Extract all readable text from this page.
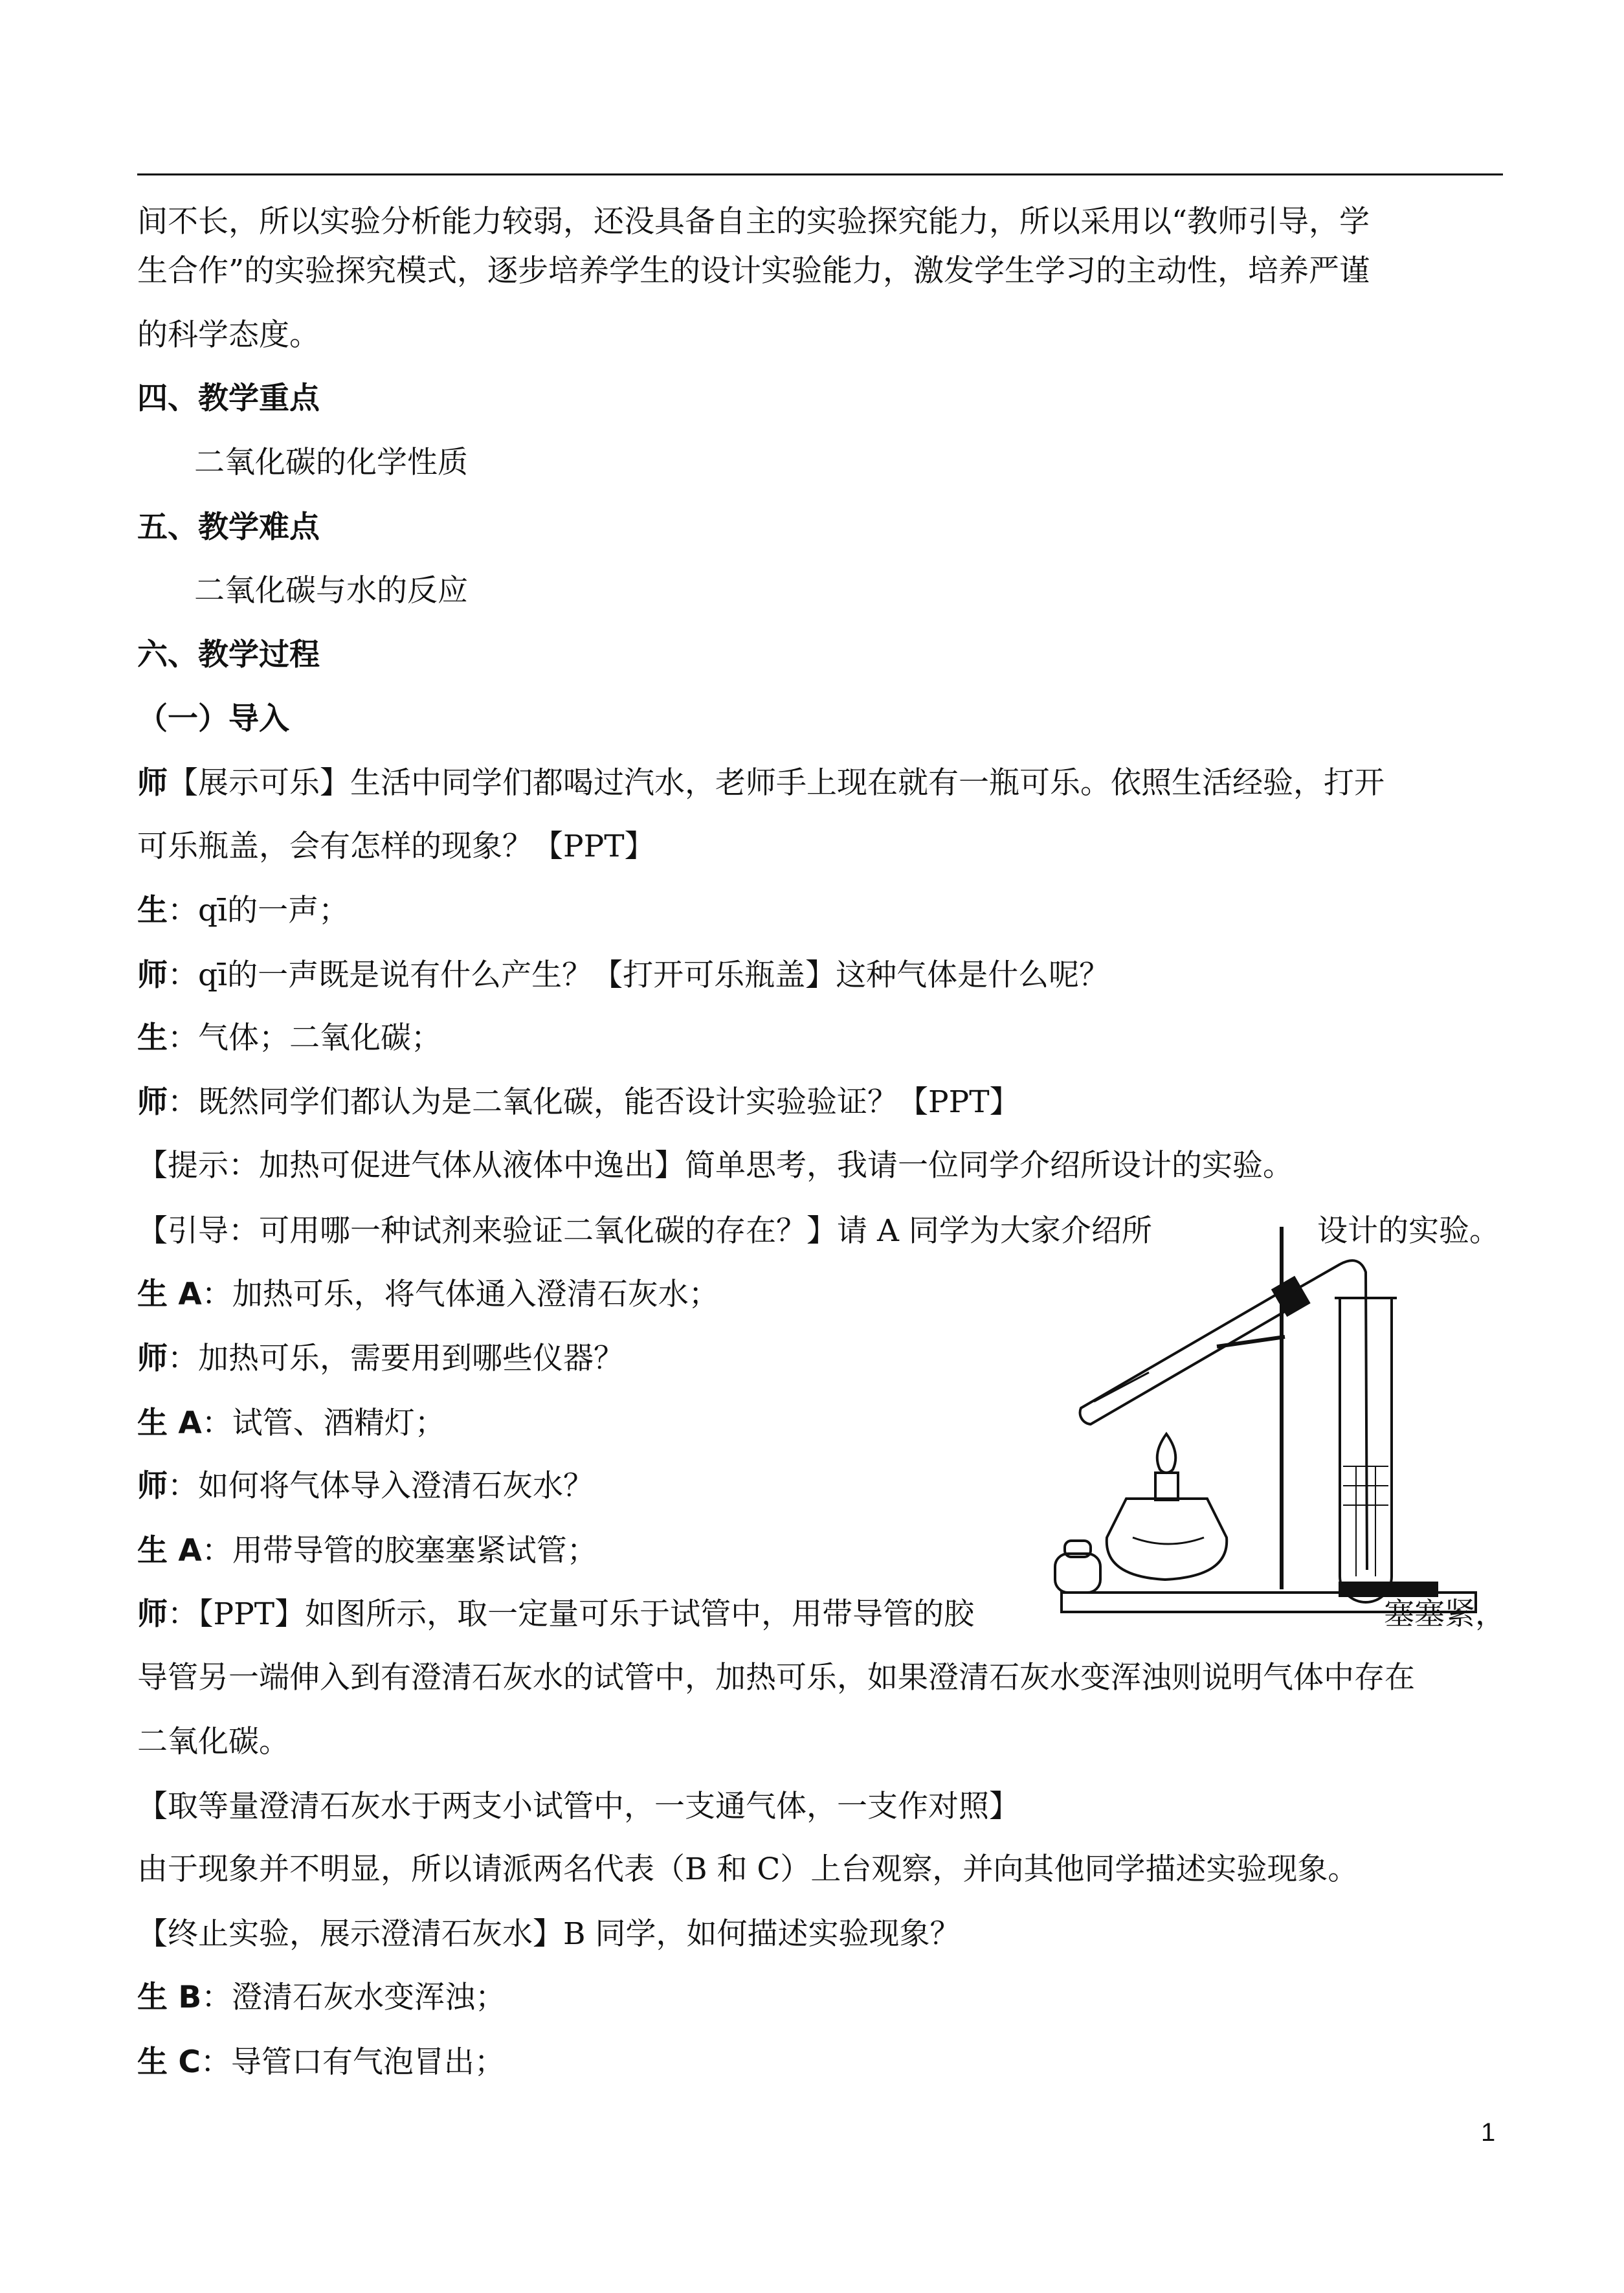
间不长，所以实验分析能力较弱，还没具备自主的实验探究能力，所以采用以“教师引导，学
生合作”的实验探究模式，逐步培养学生的设计实验能力，激发学生学习的主动性，培养严谨
的科学态度。
四、教学重点
二氧化碳的化学性质
五、教学难点
二氧化碳与水的反应
六、教学过程
（一）导入
师【展示可乐】生活中同学们都喝过汽水，老师手上现在就有一瓶可乐。依照生活经验，打开
可乐瓶盖，会有怎样的现象？【PPT】
生：qī的一声；
师：qī的一声既是说有什么产生？【打开可乐瓶盖】这种气体是什么呢？
生：气体；二氧化碳；
师：既然同学们都认为是二氧化碳，能否设计实验验证？【PPT】
【提示：加热可促进气体从液体中逸出】简单思考，我请一位同学介绍所设计的实验。
【引导：可用哪一种试剂来验证二氧化碳的存在？】请 A 同学为大家介绍所	设计的实验。
生 A：加热可乐，将气体通入澄清石灰水；
师：加热可乐，需要用到哪些仪器？
生 A：试管、酒精灯；
师：如何将气体导入澄清石灰水？
生 A：用带导管的胶塞塞紧试管；
师：【PPT】如图所示，取一定量可乐于试管中，用带导管的胶	塞塞紧，
导管另一端伸入到有澄清石灰水的试管中，加热可乐，如果澄清石灰水变浑浊则说明气体中存在
二氧化碳。
【取等量澄清石灰水于两支小试管中，一支通气体，一支作对照】
由于现象并不明显，所以请派两名代表（B 和 C）上台观察，并向其他同学描述实验现象。
【终止实验，展示澄清石灰水】B 同学，如何描述实验现象？
生 B：澄清石灰水变浑浊；
生 C：导管口有气泡冒出；
1
